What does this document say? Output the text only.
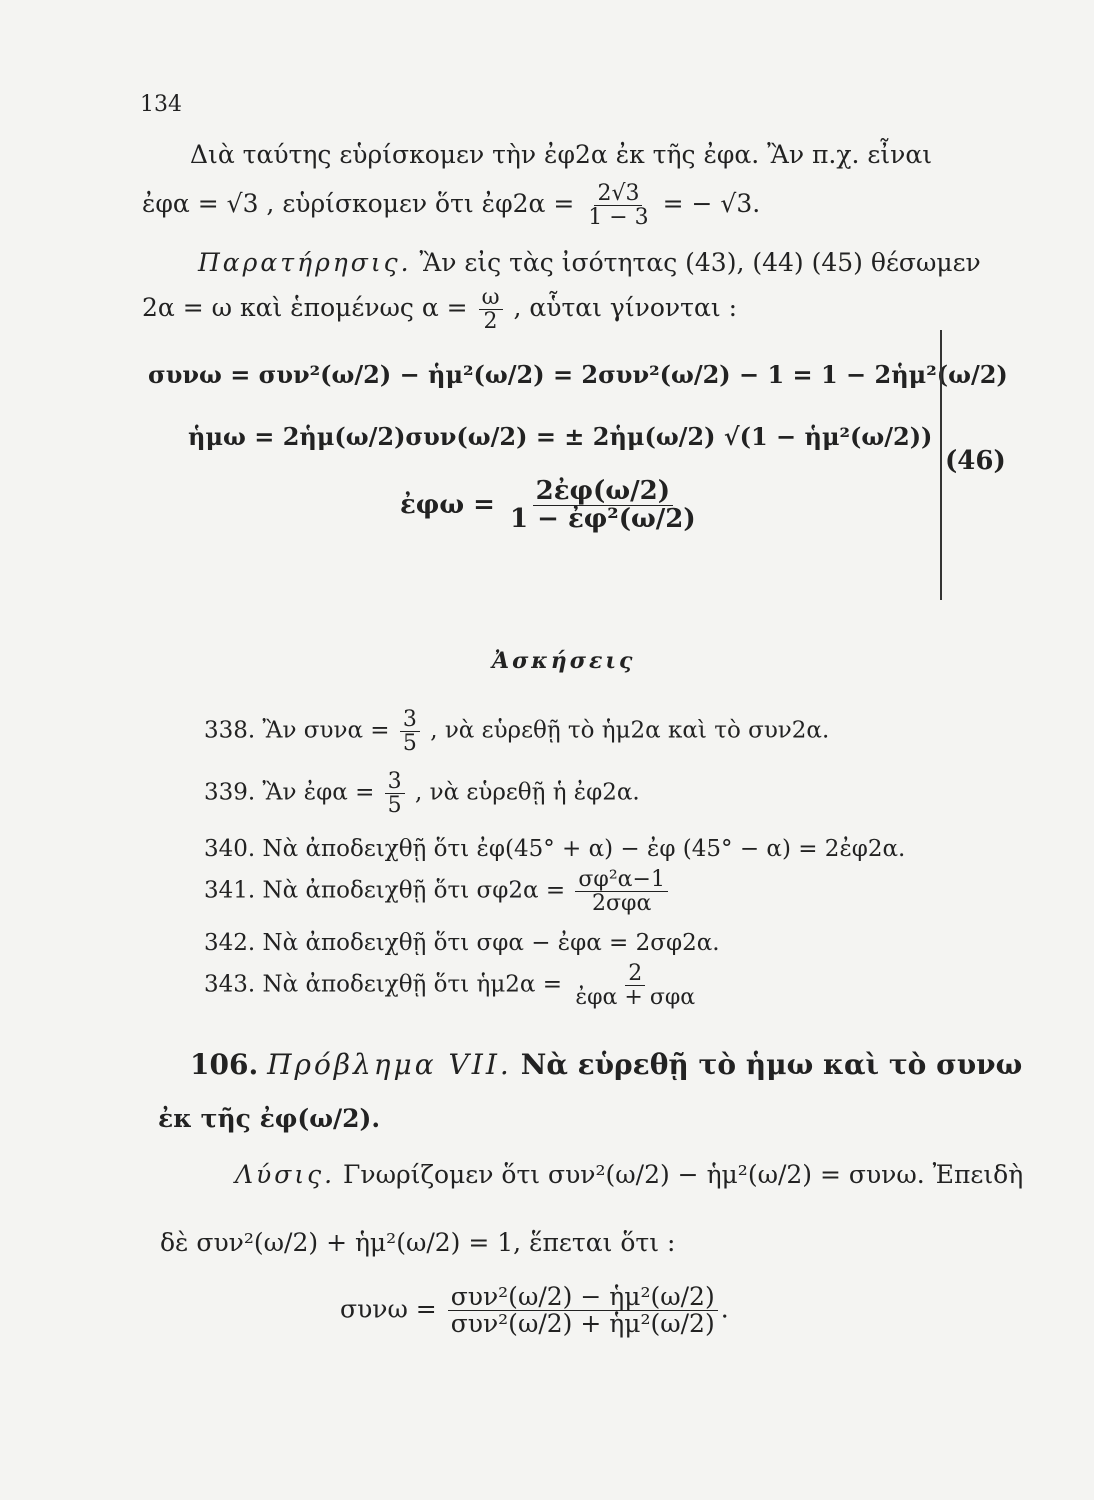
134
Διὰ ταύτης εὑρίσκομεν τὴν ἐφ2α ἐκ τῆς ἐφα. Ἂν π.χ. εἶναι
ἐφα = √3 , εὑρίσκομεν ὅτι ἐφ2α = $\frac{2√3}{1 - 3}$ = − √3.
Παρατήρησις. Ἂν εἰς τὰς ἰσότητας (43), (44) (45) θέσωμεν
2α = ω καὶ ἑπομένως $\alpha = \frac{\omega}{2}$ , αὗται γίνονται :
συνω = συν²(ω/2) − ἡμ²(ω/2) = 2συν²(ω/2) − 1 = 1 − 2ἡμ²(ω/2)
ἡμω = 2ἡμ(ω/2)συν(ω/2) = ± 2ἡμ(ω/2) √(1 − ἡμ²(ω/2))
ἐφω = $\frac{\text{2ἐφ(ω/2)}}{\text{1 − ἐφ²(ω/2)}}$
(46)
Ἀσκήσεις
338. Ἂν $\sigma\upsilon\nu\alpha = \frac{3}{5}$ , νὰ εὑρεθῇ τὸ ἡμ2α καὶ τὸ συν2α.
339. Ἂν ἐφα = $\frac{3}{5}$ , νὰ εὑρεθῇ ἡ ἐφ2α.
340. Νὰ ἀποδειχθῇ ὅτι ἐφ(45° + α) − ἐφ (45° − α) = 2ἐφ2α.
341. Νὰ ἀποδειχθῇ ὅτι $\sigma\varphi 2\alpha = \frac{\text{σφ²α−1}}{\text{2σφα}}$
342. Νὰ ἀποδειχθῇ ὅτι σφα − ἐφα = 2σφ2α.
343. Νὰ ἀποδειχθῇ ὅτι ἡμ2α = $\frac{2}{\text{ἐφα + σφα}}$
106. Πρόβλημα VII. Νὰ εὑρεθῇ τὸ ἡμω καὶ τὸ συνω
ἐκ τῆς ἐφ(ω/2).
Λύσις. Γνωρίζομεν ὅτι συν²(ω/2) − ἡμ²(ω/2) = συνω. Ἐπειδὴ
δὲ συν²(ω/2) + ἡμ²(ω/2) = 1, ἕπεται ὅτι :
$\sigma\upsilon\nu\omega = \frac{\text{συν²(ω/2) − ἡμ²(ω/2)}}{\text{συν²(ω/2) + ἡμ²(ω/2)}}$ .
